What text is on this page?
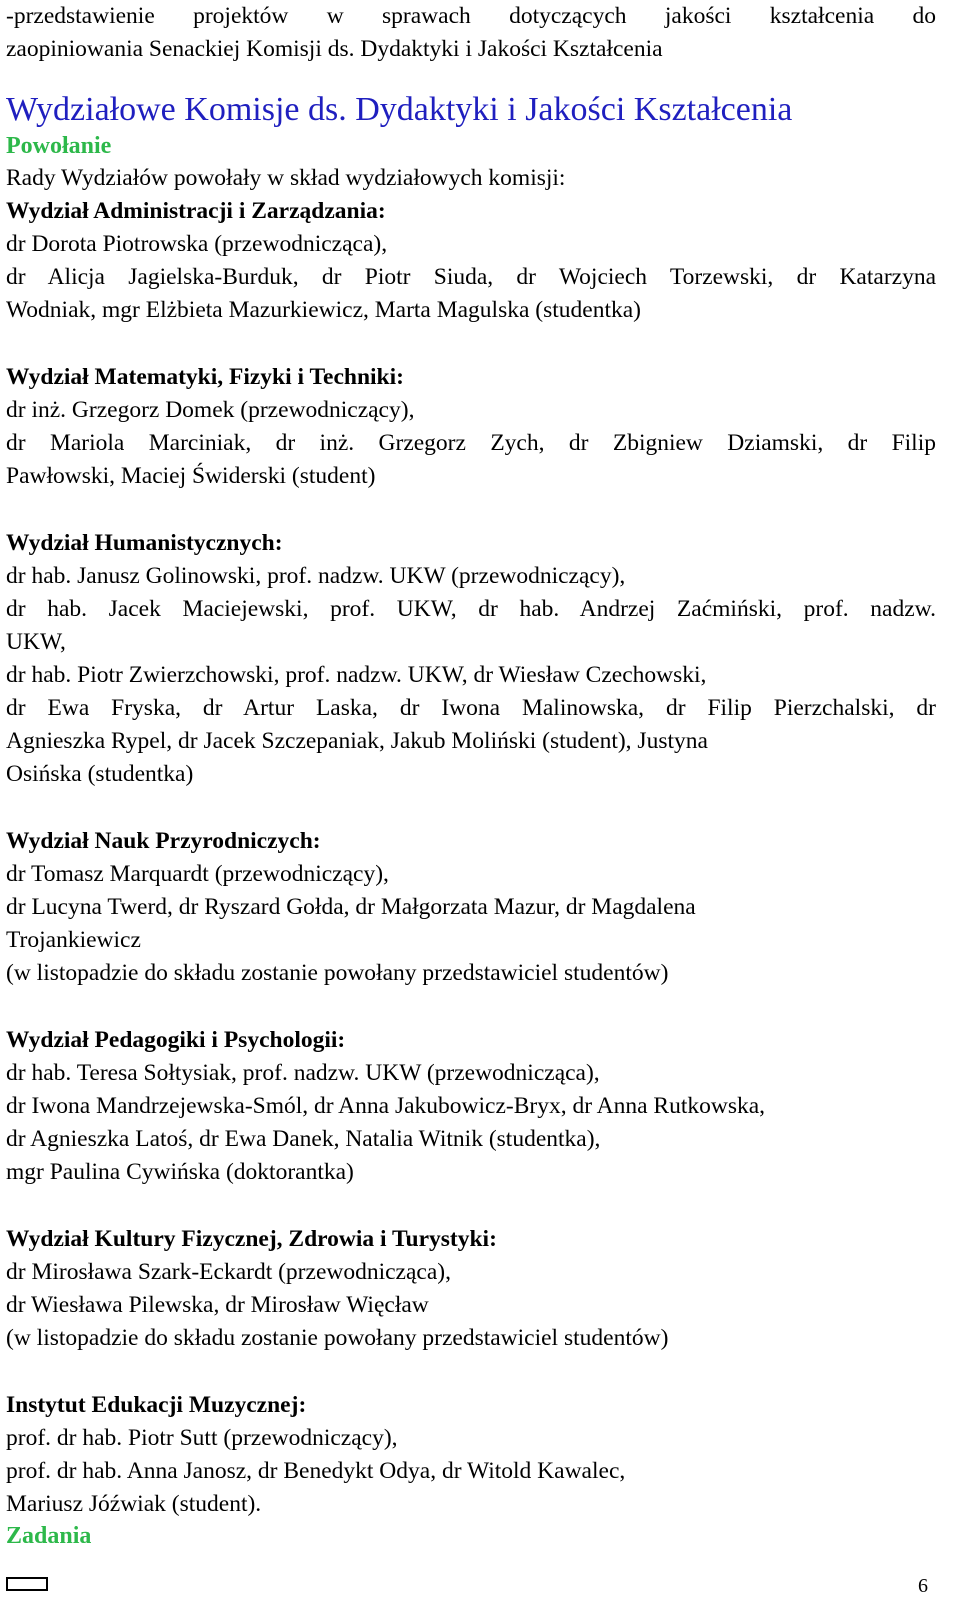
-przedstawienie projektów w sprawach dotyczących jakości kształcenia do
zaopiniowania Senackiej Komisji ds. Dydaktyki i Jakości Kształcenia
Wydziałowe Komisje ds. Dydaktyki i Jakości Kształcenia
Powołanie
Rady Wydziałów powołały w skład wydziałowych komisji:
Wydział Administracji i Zarządzania:
dr Dorota Piotrowska (przewodnicząca),
dr Alicja Jagielska-Burduk, dr Piotr Siuda, dr Wojciech Torzewski, dr Katarzyna
Wodniak, mgr Elżbieta Mazurkiewicz, Marta Magulska (studentka)
Wydział Matematyki, Fizyki i Techniki:
dr inż. Grzegorz Domek (przewodniczący),
dr Mariola Marciniak, dr inż. Grzegorz Zych, dr Zbigniew Dziamski, dr Filip
Pawłowski, Maciej Świderski (student)
Wydział Humanistycznych:
dr hab. Janusz Golinowski, prof. nadzw. UKW (przewodniczący),
dr hab. Jacek Maciejewski, prof. UKW, dr hab. Andrzej Zaćmiński, prof. nadzw.
UKW,
dr hab. Piotr Zwierzchowski, prof. nadzw. UKW, dr Wiesław Czechowski,
dr Ewa Fryska, dr Artur Laska, dr Iwona Malinowska, dr Filip Pierzchalski, dr
Agnieszka Rypel, dr Jacek Szczepaniak, Jakub Moliński (student), Justyna
Osińska (studentka)
Wydział Nauk Przyrodniczych:
dr Tomasz Marquardt (przewodniczący),
dr Lucyna Twerd, dr Ryszard Gołda, dr Małgorzata Mazur, dr Magdalena
Trojankiewicz
(w listopadzie do składu zostanie powołany przedstawiciel studentów)
Wydział Pedagogiki i Psychologii:
dr hab. Teresa Sołtysiak, prof. nadzw. UKW (przewodnicząca),
dr Iwona Mandrzejewska-Smól, dr Anna Jakubowicz-Bryx, dr Anna Rutkowska,
dr Agnieszka Latoś, dr Ewa Danek, Natalia Witnik (studentka),
mgr Paulina Cywińska (doktorantka)
Wydział Kultury Fizycznej, Zdrowia i Turystyki:
dr Mirosława Szark-Eckardt (przewodnicząca),
dr Wiesława Pilewska, dr Mirosław Więcław
(w listopadzie do składu zostanie powołany przedstawiciel studentów)
Instytut Edukacji Muzycznej:
prof. dr hab. Piotr Sutt (przewodniczący),
prof. dr hab. Anna Janosz, dr Benedykt Odya, dr Witold Kawalec,
Mariusz Jóźwiak (student).
Zadania
6
